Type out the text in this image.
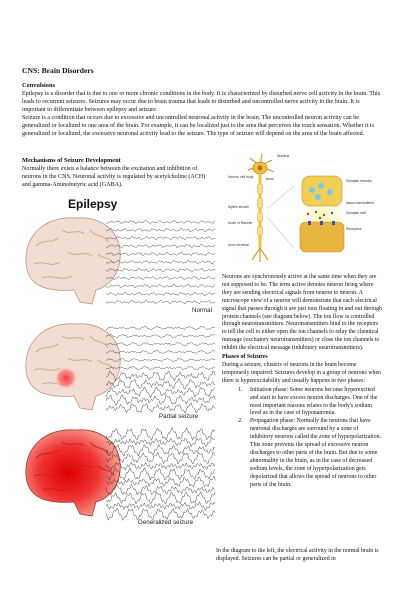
CNS: Brain Disorders
Convulsions

Epilepsy is a disorder that is due to one or more chronic conditions in the body. It is characterized by disturbed nerve cell activity in the brain. This leads to recurrent seizures. Seizures may occur due to brain trauma that leads to disturbed and uncontrolled nerve activity in the brain. It is important to differentiate between epilepsy and seizure.

Seizure is a condition that occurs due to excessive and uncontrolled neuronal activity in the brain. The uncontrolled neuron activity can be generalized or localized to one area of the brain. For example, it can be localized just to the area that perceives the touch sensation. Whether it is generalized or localized, the excessive neuronal activity lead to the seizure. The type of seizure will depend on the area of the brain affected.

Mechanisms of Seizure Development
Normally there exists a balance between the excitation and inhibition of neurons in the CNS. Neuronal activity is regulated by acetylcholine (ACH) and gamma-Aminobutyric acid (GABA).
Nucleus
Axon
Myelin sheath
Axon terminal
Neuron cell body
Node of Ranvier
Synaptic vesicles
Receptors
Synaptic cleft
Neuro-transmitters
Epilepsy
Normal
Partial seizure
Generalized seizure

Neurons are synchronously active at the same time when they are not supposed to be. The term active denotes neuron firing where they are sending electrical signals from neuron to neuron. A microscope view of a neuron will demonstrate that each electrical signal that passes through it are just ions floating in and out through protein channels (see diagram below). The ion flow is controlled through neurotransmitters. Neurotransmitters bind to the receptors to tell the cell to either open the ion channels to relay the chemical message (excitatory neurotransmitters) or close the ion channels to inhibit the electrical message (inhibitory neurotransmitters).

Phases of Seizures

During a seizure, clusters of neurons in the brain become temporarily impaired. Seizures develop in a group of neurons when there is hyperexcitability and usually happens in two phases:

1. Initiation phase: Some neurons become hyperexcited and start to have excess neuron discharges. One of the most important reasons relates to the body's sodium level as in the case of hyponatremia.
2. Propagation phase: Normally the neurons that have neuronal discharges are surround by a zone of inhibitory neurons called the zone of hyperpolarization. This zone prevents the spread of excessive neuron discharges to other parts of the brain. But due to some abnormality in the brain, as in the case of decreased sodium levels, the zone of hyperpolarization gets depolarized that allows the spread of neurons to other parts of the brain.
In the diagram to the left, the electrical activity in the normal brain is displayed. Seizures can be partial or generalized in
